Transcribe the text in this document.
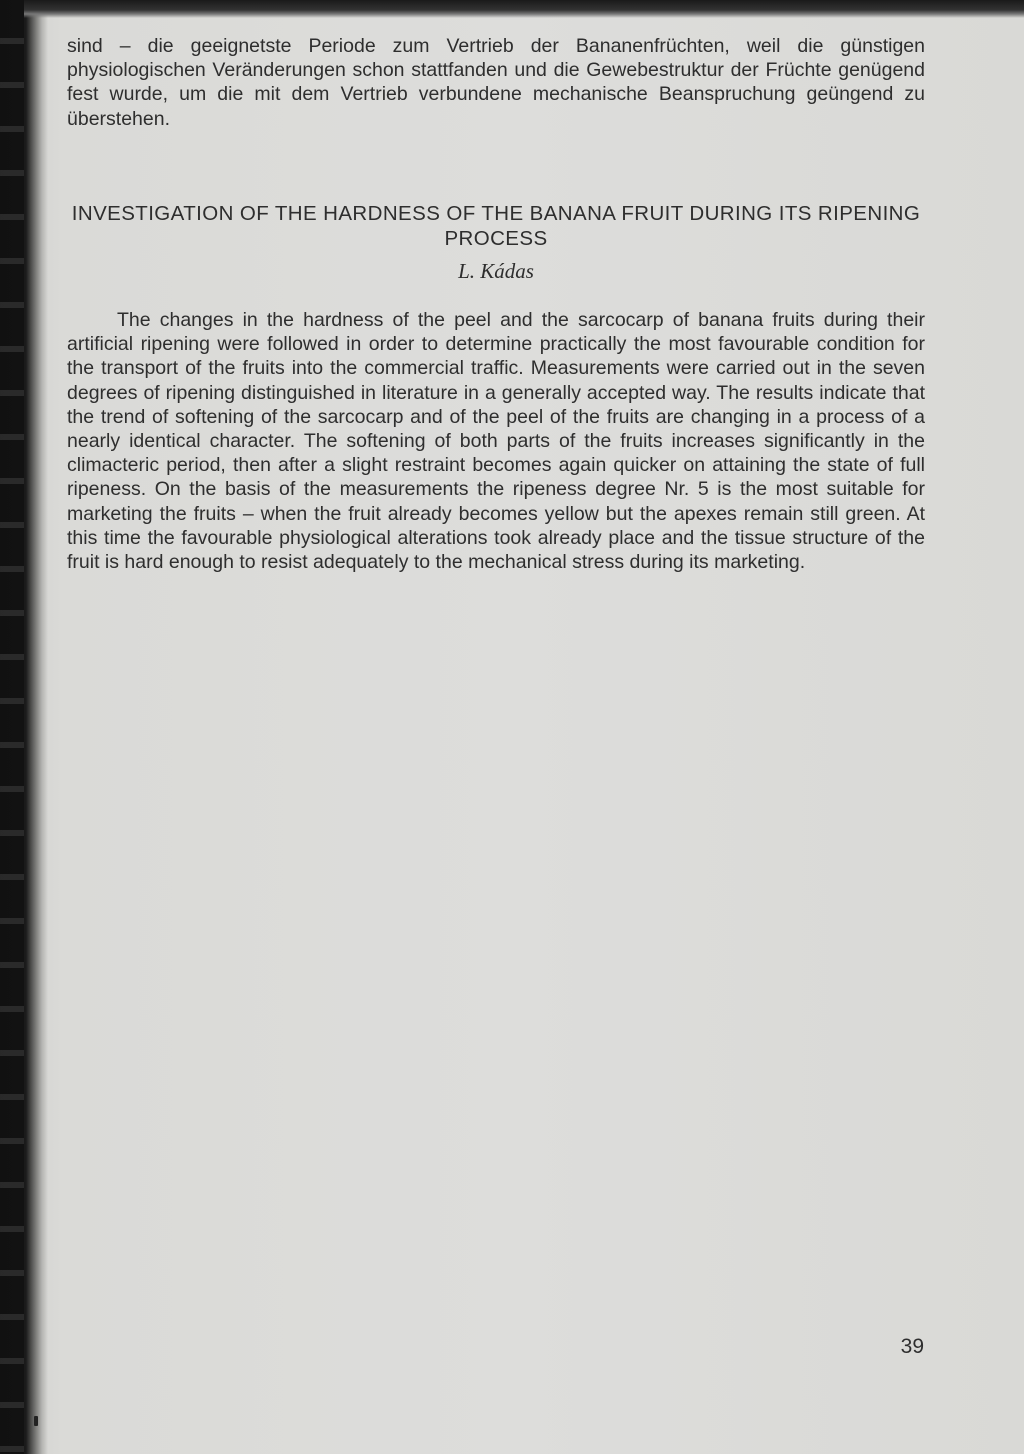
sind – die geeignetste Periode zum Vertrieb der Bananenfrüchten, weil die günstigen physiologischen Veränderungen schon stattfanden und die Gewebestruktur der Früchte genügend fest wurde, um die mit dem Vertrieb verbundene mechanische Beanspruchung geüngend zu überstehen.

INVESTIGATION OF THE HARDNESS OF THE BANANA FRUIT DURING ITS RIPENING PROCESS
L. Kádas

The changes in the hardness of the peel and the sarcocarp of banana fruits during their artificial ripening were followed in order to determine practically the most favourable condition for the transport of the fruits into the commercial traffic. Measurements were carried out in the seven degrees of ripening distinguished in literature in a generally accepted way. The results indicate that the trend of softening of the sarcocarp and of the peel of the fruits are changing in a process of a nearly identical character. The softening of both parts of the fruits increases significantly in the climacteric period, then after a slight restraint becomes again quicker on attaining the state of full ripeness. On the basis of the measurements the ripeness degree Nr. 5 is the most suitable for marketing the fruits – when the fruit already becomes yellow but the apexes remain still green. At this time the favourable physiological alterations took already place and the tissue structure of the fruit is hard enough to resist adequately to the mechanical stress during its marketing.

39
